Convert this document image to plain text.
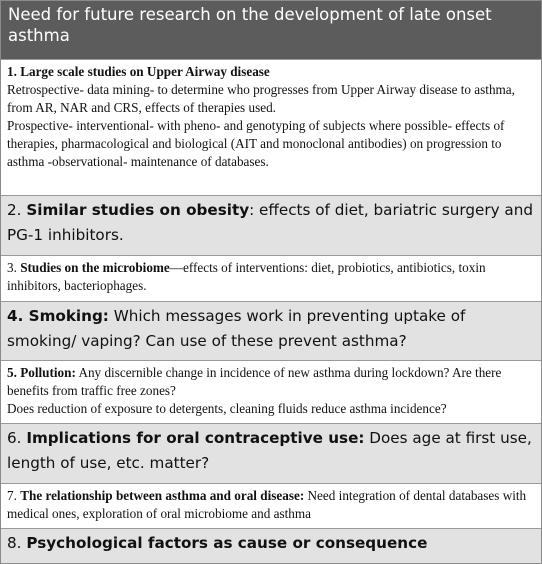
Need for future research on the development of late onset asthma
1. Large scale studies on Upper Airway disease
Retrospective- data mining- to determine who progresses from Upper Airway disease to asthma, from AR, NAR and CRS, effects of therapies used.
Prospective- interventional- with pheno- and genotyping of subjects where possible- effects of therapies, pharmacological and biological (AIT and monoclonal antibodies) on progression to asthma -observational- maintenance of databases.
2. Similar studies on obesity: effects of diet, bariatric surgery and PG-1 inhibitors.
3. Studies on the microbiome—effects of interventions: diet, probiotics, antibiotics, toxin inhibitors, bacteriophages.
4. Smoking: Which messages work in preventing uptake of smoking/ vaping? Can use of these prevent asthma?
5. Pollution: Any discernible change in incidence of new asthma during lockdown? Are there benefits from traffic free zones?
Does reduction of exposure to detergents, cleaning fluids reduce asthma incidence?
6. Implications for oral contraceptive use: Does age at first use, length of use, etc. matter?
7. The relationship between asthma and oral disease: Need integration of dental databases with medical ones, exploration of oral microbiome and asthma
8. Psychological factors as cause or consequence
